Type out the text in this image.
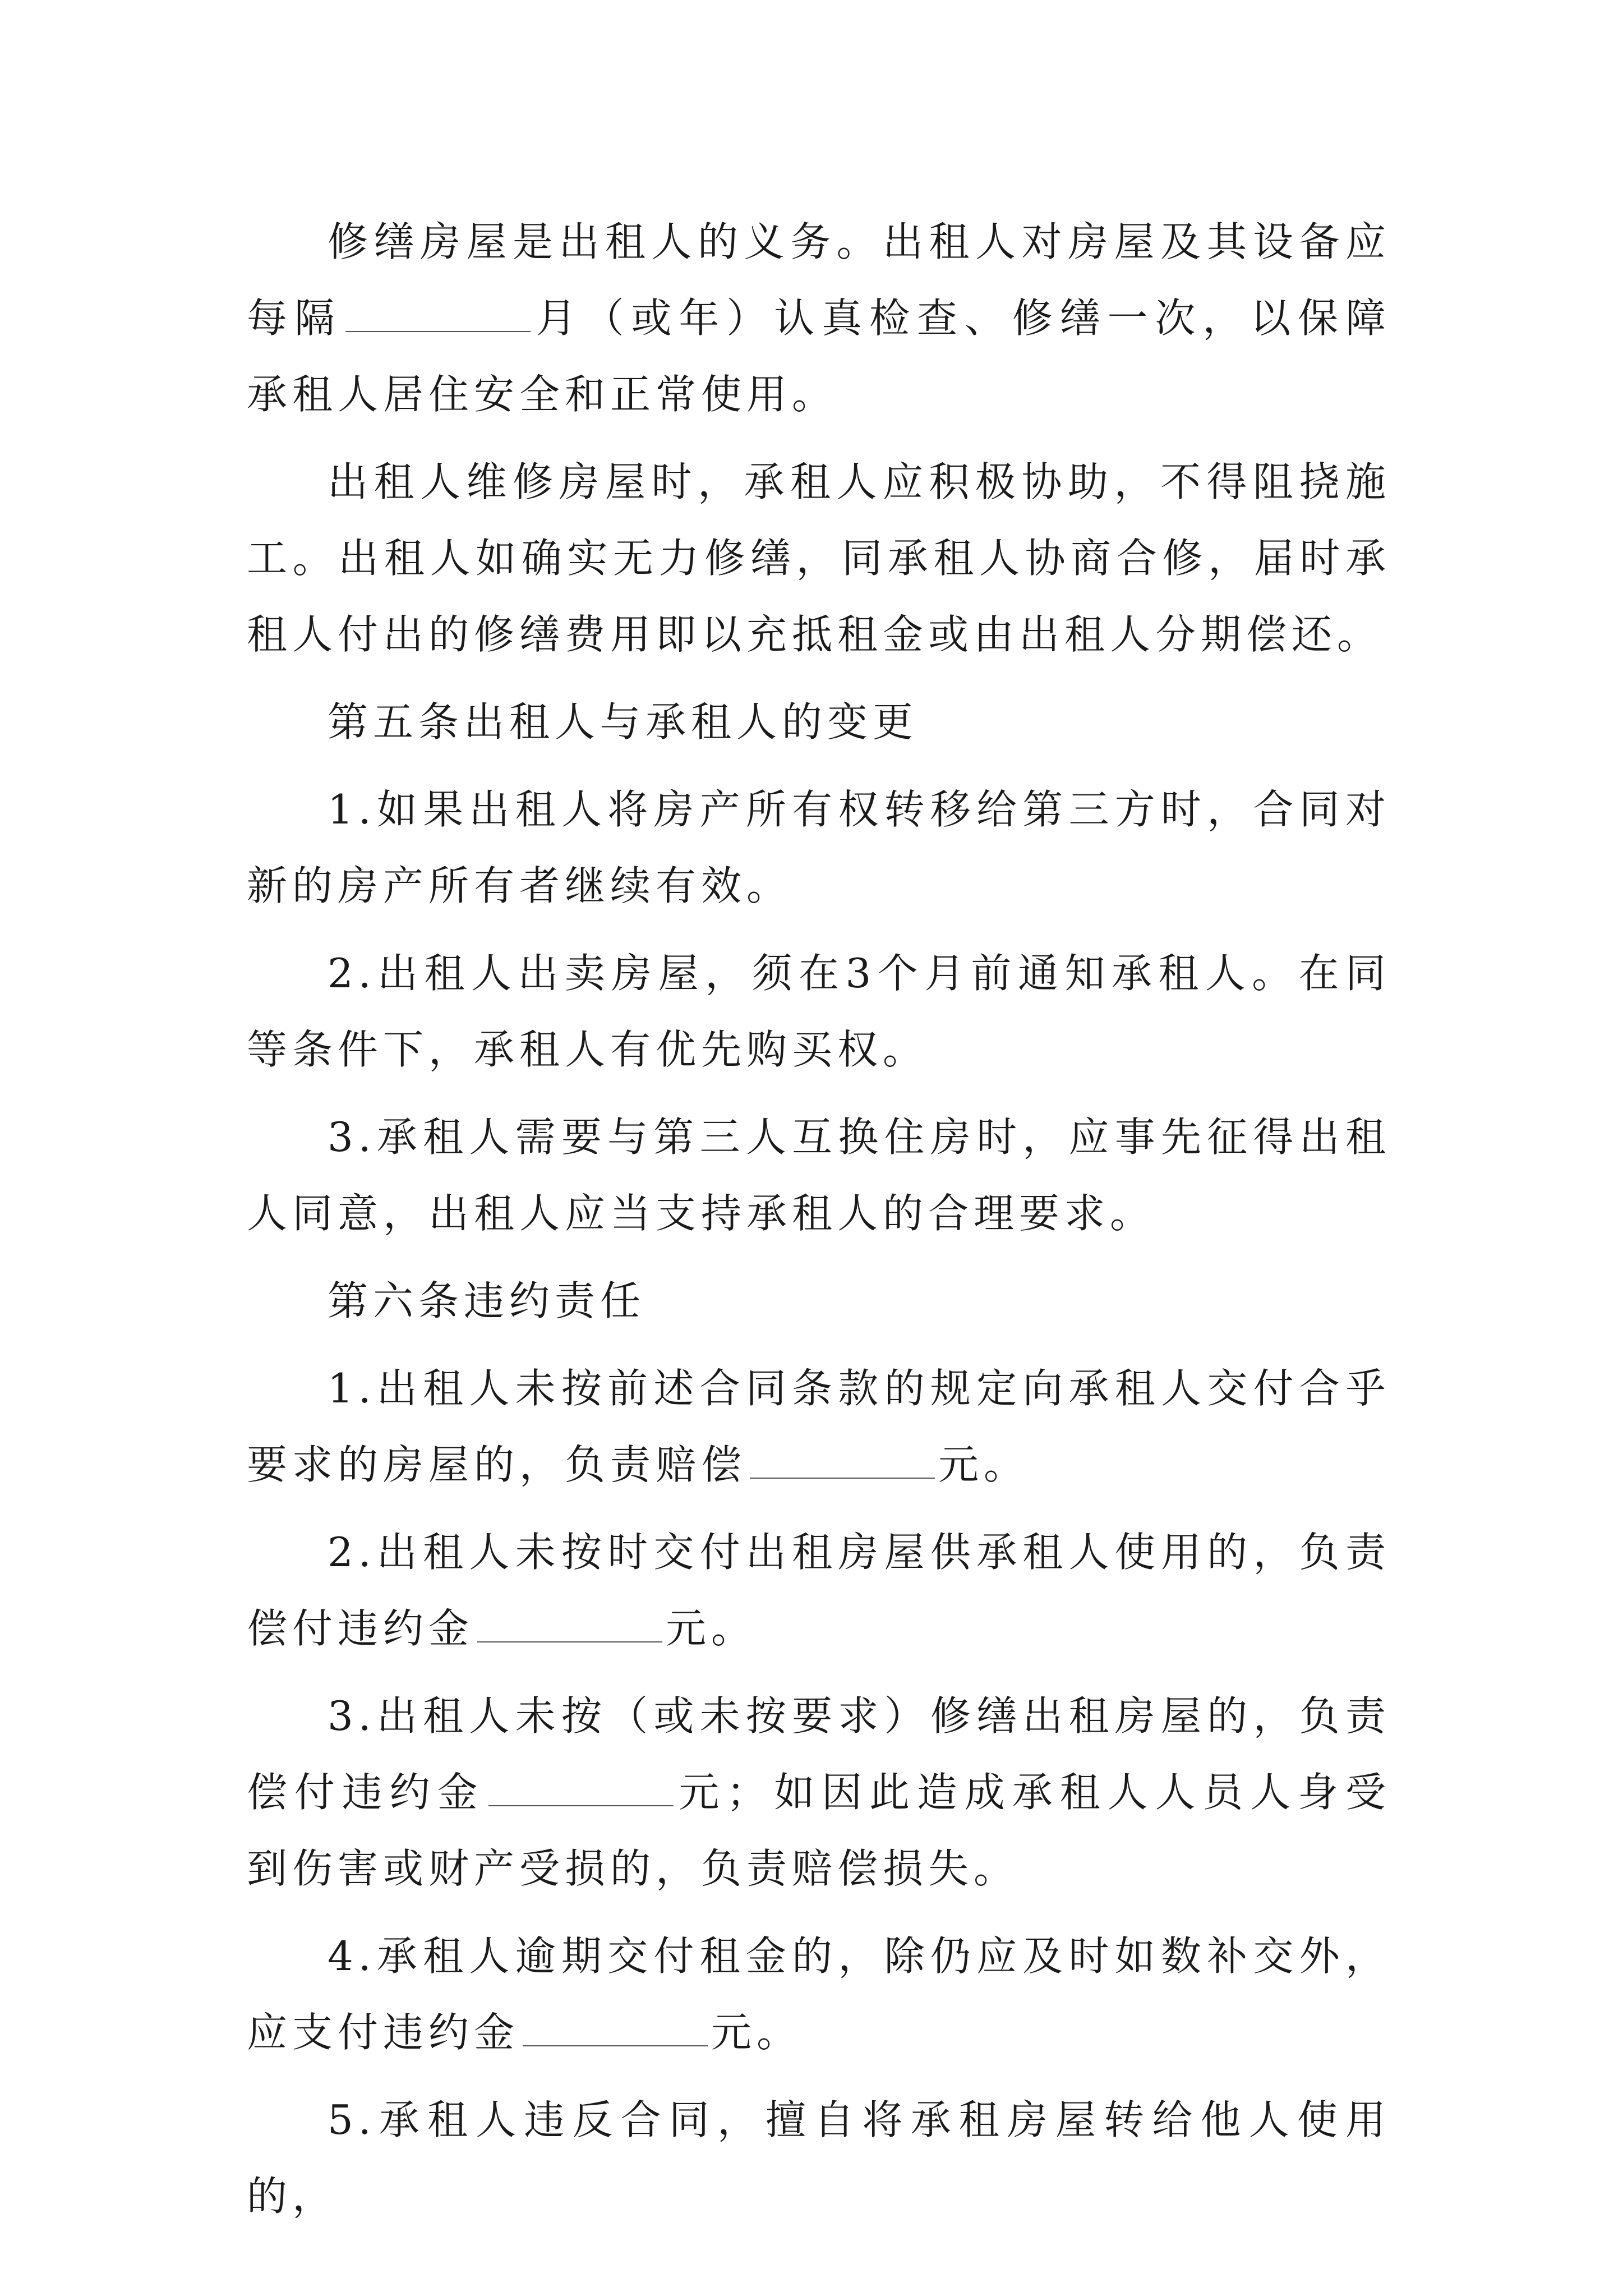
修缮房屋是出租人的义务。出租人对房屋及其设备应每隔	月（或年）认真检查、修缮一次，以保障承租人居住安全和正常使用。

出租人维修房屋时，承租人应积极协助，不得阻挠施工。出租人如确实无力修缮，同承租人协商合修，届时承租人付出的修缮费用即以充抵租金或由出租人分期偿还。

第五条出租人与承租人的变更

1.如果出租人将房产所有权转移给第三方时，合同对新的房产所有者继续有效。

2.出租人出卖房屋，须在3个月前通知承租人。在同等条件下，承租人有优先购买权。

3.承租人需要与第三人互换住房时，应事先征得出租人同意，出租人应当支持承租人的合理要求。

第六条违约责任

1.出租人未按前述合同条款的规定向承租人交付合乎要求的房屋的，负责赔偿	元。

2.出租人未按时交付出租房屋供承租人使用的，负责偿付违约金	元。

3.出租人未按（或未按要求）修缮出租房屋的，负责偿付违约金	元；如因此造成承租人人员人身受到伤害或财产受损的，负责赔偿损失。

4.承租人逾期交付租金的，除仍应及时如数补交外，应支付违约金	元。

5.承租人违反合同，擅自将承租房屋转给他人使用的，
